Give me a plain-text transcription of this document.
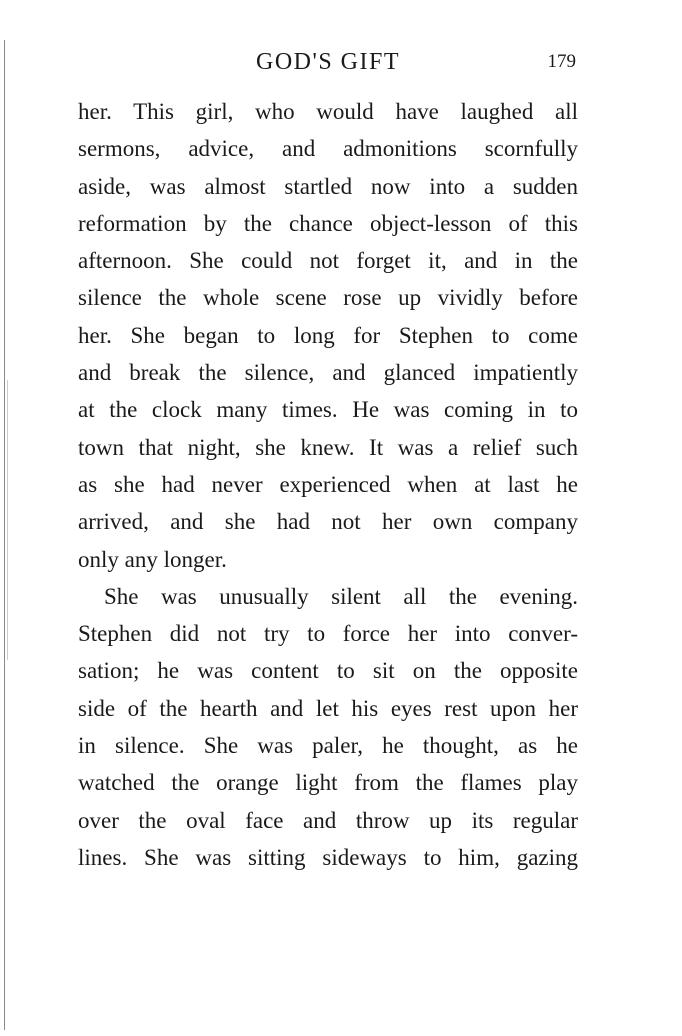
GOD'S GIFT	179
her. This girl, who would have laughed all
sermons, advice, and admonitions scornfully
aside, was almost startled now into a sudden
reformation by the chance object-lesson of this
afternoon. She could not forget it, and in the
silence the whole scene rose up vividly before
her. She began to long for Stephen to come
and break the silence, and glanced impatiently
at the clock many times. He was coming in to
town that night, she knew. It was a relief such
as she had never experienced when at last he
arrived, and she had not her own company
only any longer.
She was unusually silent all the evening.
Stephen did not try to force her into conver-
sation; he was content to sit on the opposite
side of the hearth and let his eyes rest upon her
in silence. She was paler, he thought, as he
watched the orange light from the flames play
over the oval face and throw up its regular
lines. She was sitting sideways to him, gazing
